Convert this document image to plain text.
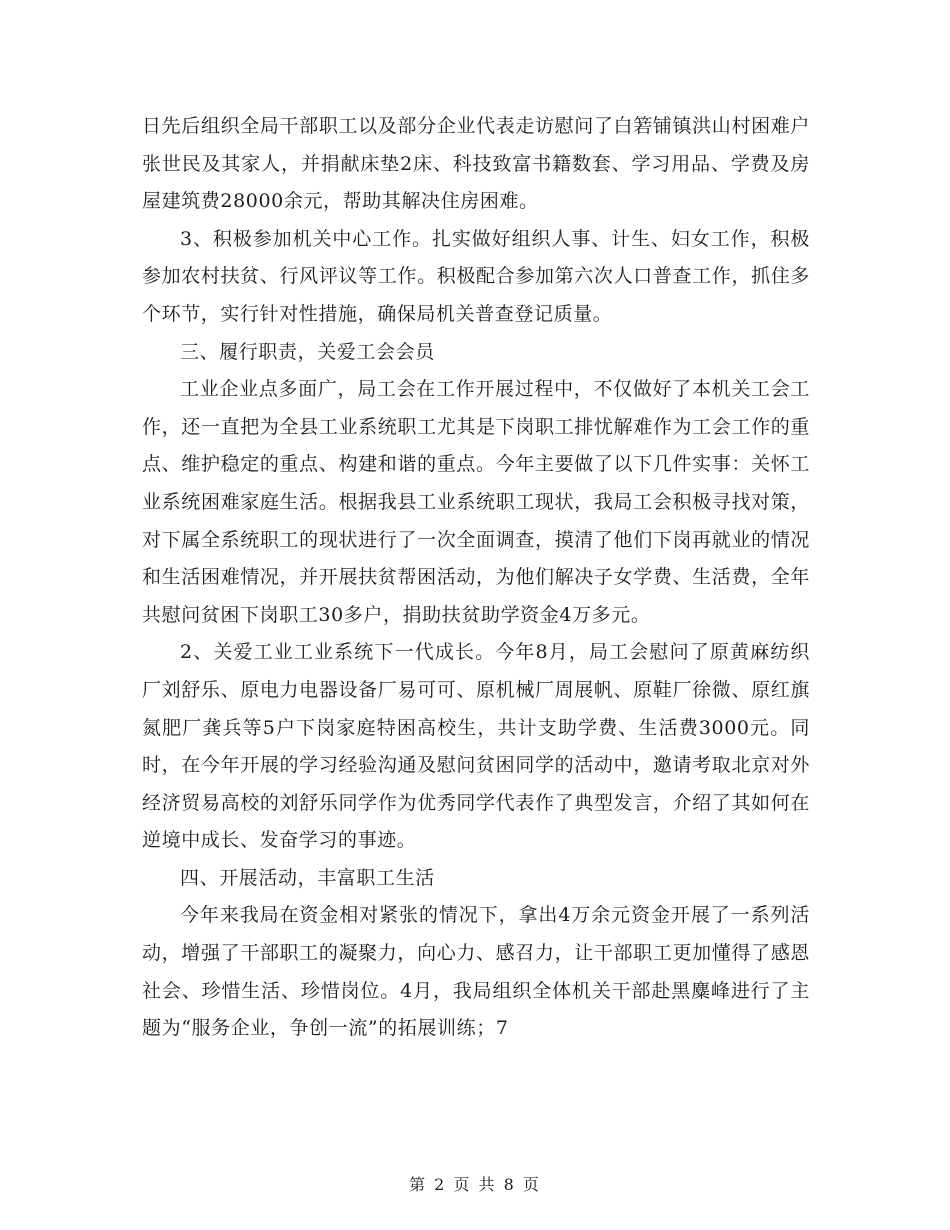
日先后组织全局干部职工以及部分企业代表走访慰问了白箬铺镇洪山村困难户张世民及其家人，并捐献床垫2床、科技致富书籍数套、学习用品、学费及房屋建筑费28000余元，帮助其解决住房困难。

3、积极参加机关中心工作。扎实做好组织人事、计生、妇女工作，积极参加农村扶贫、行风评议等工作。积极配合参加第六次人口普查工作，抓住多个环节，实行针对性措施，确保局机关普查登记质量。

三、履行职责，关爱工会会员

工业企业点多面广，局工会在工作开展过程中，不仅做好了本机关工会工作，还一直把为全县工业系统职工尤其是下岗职工排忧解难作为工会工作的重点、维护稳定的重点、构建和谐的重点。今年主要做了以下几件实事：关怀工业系统困难家庭生活。根据我县工业系统职工现状，我局工会积极寻找对策，对下属全系统职工的现状进行了一次全面调查，摸清了他们下岗再就业的情况和生活困难情况，并开展扶贫帮困活动，为他们解决子女学费、生活费，全年共慰问贫困下岗职工30多户，捐助扶贫助学资金4万多元。

2、关爱工业工业系统下一代成长。今年8月，局工会慰问了原黄麻纺织厂刘舒乐、原电力电器设备厂易可可、原机械厂周展帆、原鞋厂徐微、原红旗氮肥厂龚兵等5户下岗家庭特困高校生，共计支助学费、生活费3000元。同时，在今年开展的学习经验沟通及慰问贫困同学的活动中，邀请考取北京对外经济贸易高校的刘舒乐同学作为优秀同学代表作了典型发言，介绍了其如何在逆境中成长、发奋学习的事迹。

四、开展活动，丰富职工生活

今年来我局在资金相对紧张的情况下，拿出4万余元资金开展了一系列活动，增强了干部职工的凝聚力，向心力、感召力，让干部职工更加懂得了感恩社会、珍惜生活、珍惜岗位。4月，我局组织全体机关干部赴黑麋峰进行了主题为“服务企业，争创一流”的拓展训练；7

第 2 页 共 8 页
